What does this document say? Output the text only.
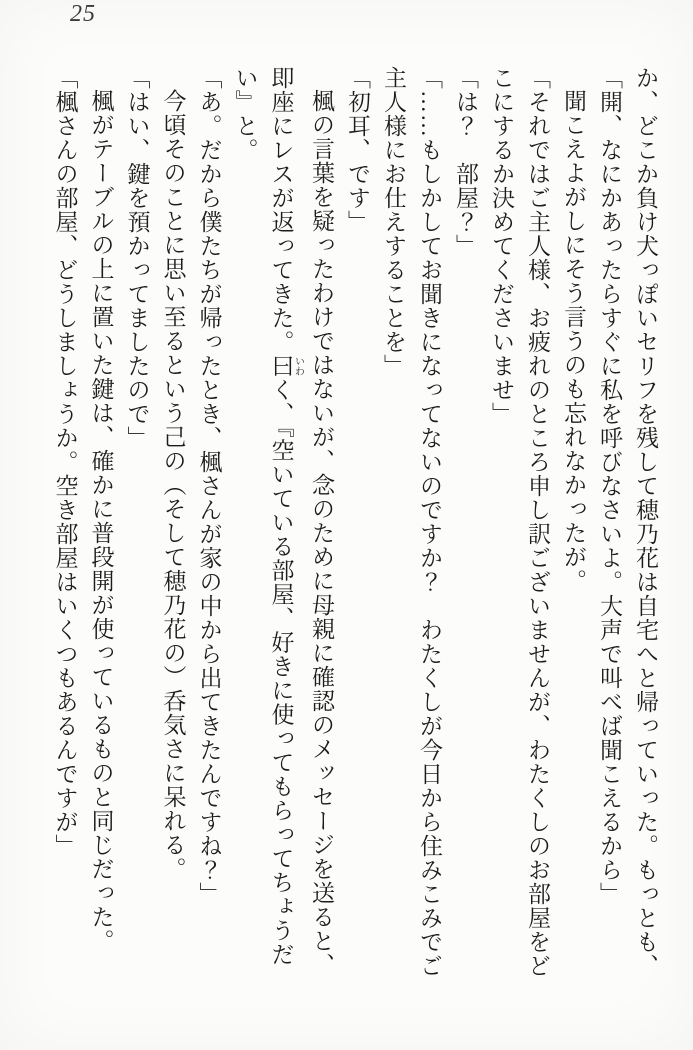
25
か、どこか負け犬っぽいセリフを残して穂乃花は自宅へと帰っていった。もっとも、
「開、なにかあったらすぐに私を呼びなさいよ。大声で叫べば聞こえるから」
聞こえよがしにそう言うのも忘れなかったが。
「それではご主人様、お疲れのところ申し訳ございませんが、わたくしのお部屋をど
こにするか決めてくださいませ」
「は？　部屋？」
「……もしかしてお聞きになってないのですか？　わたくしが今日から住みこみでご
主人様にお仕えすることを」
「初耳、です」
楓の言葉を疑ったわけではないが、念のために母親に確認のメッセージを送ると、
即座にレスが返ってきた。曰 いわく、『空いている部屋、好きに使ってもらってちょうだ
い』と。
「あ。だから僕たちが帰ったとき、楓さんが家の中から出てきたんですね？」
今頃そのことに思い至るという己の（そして穂乃花の）呑気さに呆れる。
「はい、鍵を預かってましたので」
楓がテーブルの上に置いた鍵は、確かに普段開が使っているものと同じだった。
「楓さんの部屋、どうしましょうか。空き部屋はいくつもあるんですが」
